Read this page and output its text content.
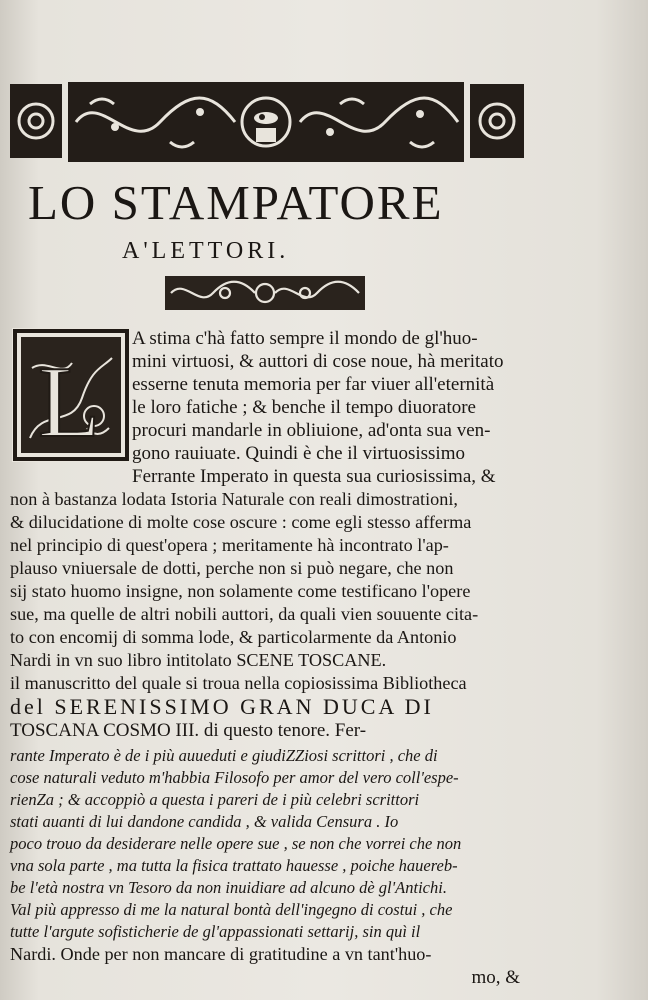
LO STAMPATORE
A'LETTORI.
L

A stima c'hà fatto sempre il mondo de gl'huo-

mini virtuosi, & auttori di cose noue, hà meritato

esserne tenuta memoria per far viuer all'eternità

le loro fatiche ; & benche il tempo diuoratore

procuri mandarle in obliuione, ad'onta sua ven-

gono rauiuate. Quindi è che il virtuosissimo

Ferrante Imperato in questa sua curiosissima, &

non à bastanza lodata Istoria Naturale con reali dimostrationi,

& dilucidatione di molte cose oscure : come egli stesso afferma

nel principio di quest'opera ; meritamente hà incontrato l'ap-

plauso vniuersale de dotti, perche non si può negare, che non

sij stato huomo insigne, non solamente come testificano l'opere

sue, ma quelle de altri nobili auttori, da quali vien souuente cita-

to con encomij di somma lode, & particolarmente da Antonio

Nardi in vn suo libro intitolato SCENE TOSCANE.

il manuscritto del quale si troua nella copiosissima Bibliotheca

del SERENISSIMO GRAN DUCA DI

TOSCANA COSMO III. di questo tenore. Fer-

rante Imperato è de i più auueduti e giudiZZiosi scrittori , che di

cose naturali veduto m'habbia Filosofo per amor del vero coll'espe-

rienZa ; & accoppiò a questa i pareri de i più celebri scrittori

stati auanti di lui dandone candida , & valida Censura . Io

poco trouo da desiderare nelle opere sue , se non che vorrei che non

vna sola parte , ma tutta la fisica trattato hauesse , poiche hauereb-

be l'età nostra vn Tesoro da non inuidiare ad alcuno dè gl'Antichi.

Val più appresso di me la natural bontà dell'ingegno di costui , che

tutte l'argute sofisticherie de gl'appassionati settarij, sin quì il

Nardi. Onde per non mancare di gratitudine a vn tant'huo-

mo, &
